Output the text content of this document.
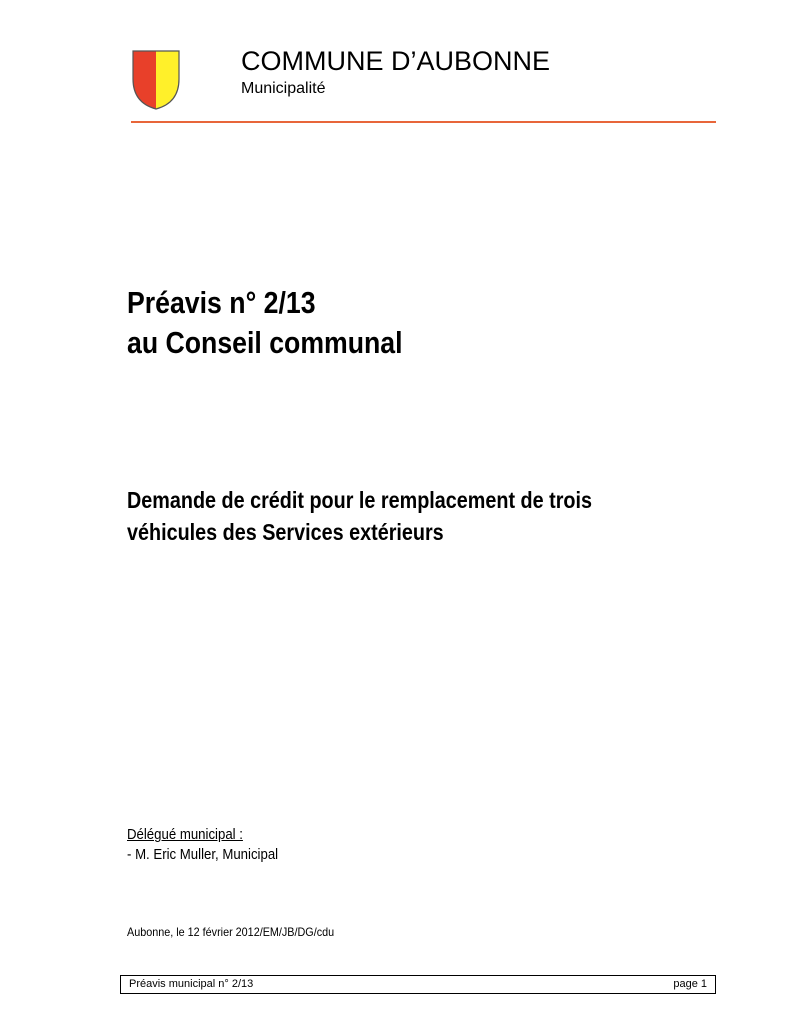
COMMUNE D’AUBONNE
Municipalité
Préavis n° 2/13
au Conseil communal
Demande de crédit pour le remplacement de trois
véhicules des Services extérieurs
Délégué municipal :
- M. Eric Muller, Municipal
Aubonne, le 12 février 2012/EM/JB/DG/cdu
Préavis municipal n° 2/13	page 1
